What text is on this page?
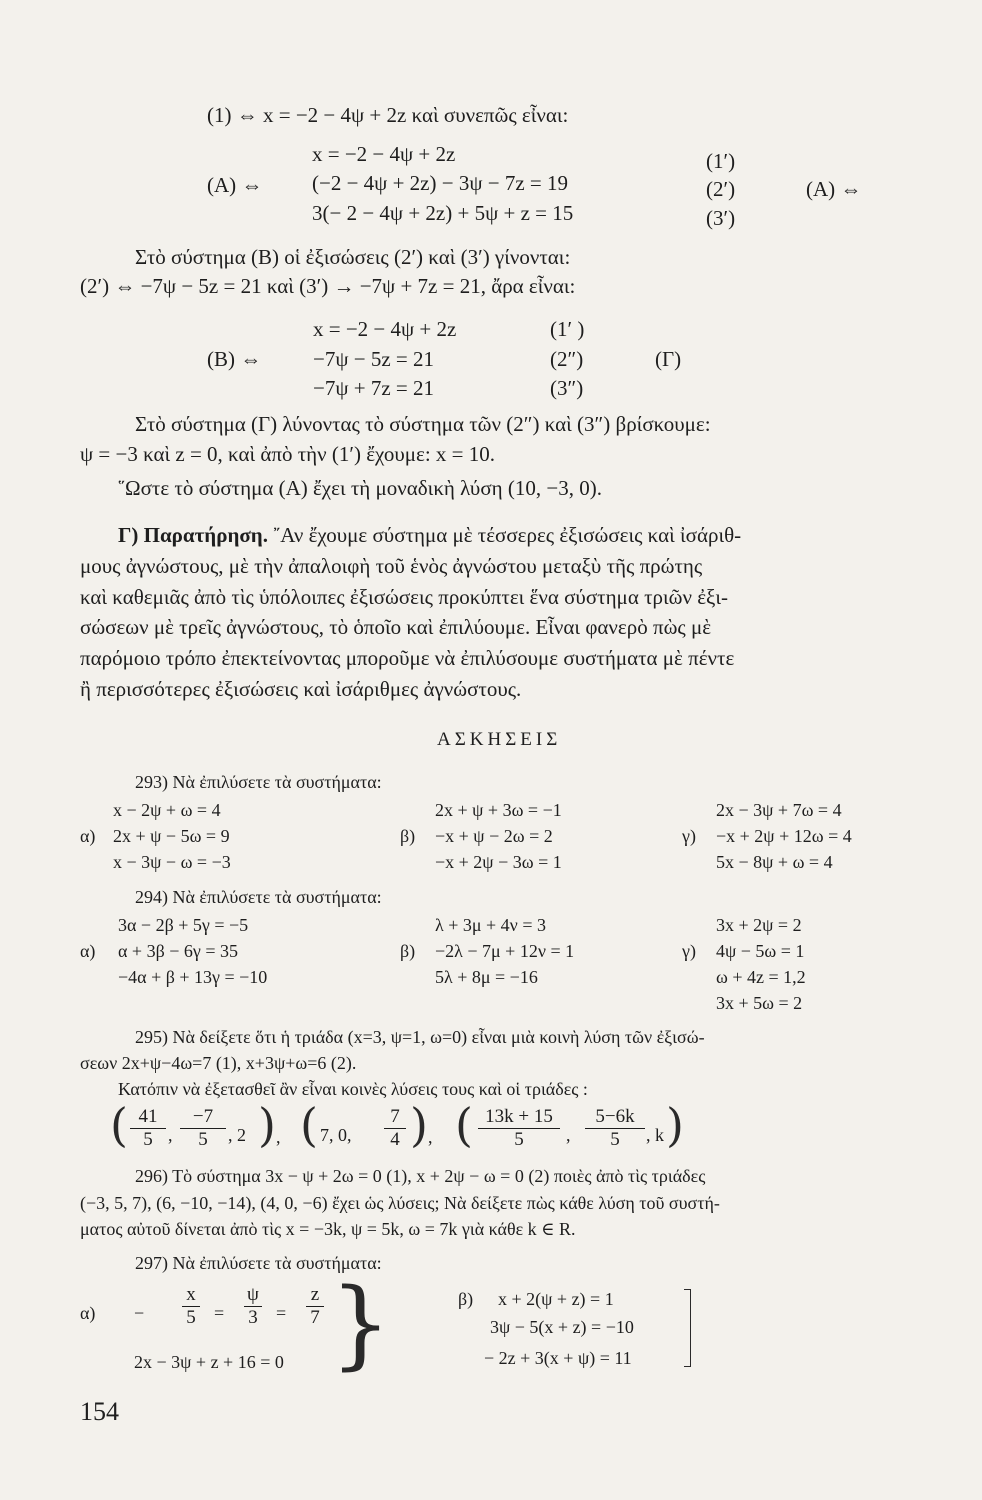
(1) ⇔ x = −2 − 4ψ + 2z καὶ συνεπῶς εἶναι:
x = −2 − 4ψ + 2z	(1′)
(Α) ⇔ (−2 − 4ψ + 2z) − 3ψ − 7z = 19	(2′)	(Α) ⇔
3(− 2 − 4ψ + 2z) + 5ψ + z = 15	(3′)
Στὸ σύστημα (Β) οἱ ἐξισώσεις (2′) καὶ (3′) γίνονται:
(2′) ⇔ −7ψ − 5z = 21 καὶ (3′) → −7ψ + 7z = 21, ἄρα εἶναι:
x = −2 − 4ψ + 2z	(1′ )
(Β) ⇔ −7ψ − 5z = 21	(2″)	(Γ)
−7ψ + 7z = 21	(3″)
Στὸ σύστημα (Γ) λύνοντας τὸ σύστημα τῶν (2″) καὶ (3″) βρίσκουμε:
ψ = −3 καὶ z = 0, καὶ ἀπὸ τὴν (1′) ἔχουμε: x = 10.
῞Ωστε τὸ σύστημα (Α) ἔχει τὴ μοναδικὴ λύση (10, −3, 0).
Γ) Παρατήρηση. ῎Αν ἔχουμε σύστημα μὲ τέσσερες ἐξισώσεις καὶ ἰσάριθ-
μους ἀγνώστους, μὲ τὴν ἀπαλοιφὴ τοῦ ἑνὸς ἀγνώστου μεταξὺ τῆς πρώτης
καὶ καθεμιᾶς ἀπὸ τὶς ὑπόλοιπες ἐξισώσεις προκύπτει ἕνα σύστημα τριῶν ἐξι-
σώσεων μὲ τρεῖς ἀγνώστους, τὸ ὁποῖο καὶ ἐπιλύουμε. Εἶναι φανερὸ πὼς μὲ
παρόμοιο τρόπο ἐπεκτείνοντας μποροῦμε νὰ ἐπιλύσουμε συστήματα μὲ πέντε
ἢ περισσότερες ἐξισώσεις καὶ ἰσάριθμες ἀγνώστους.
ΑΣΚΗΣΕΙΣ
293) Νὰ ἐπιλύσετε τὰ συστήματα:
x − 2ψ + ω = 4
α) 2x + ψ − 5ω = 9
x − 3ψ − ω = −3
2x + ψ + 3ω = −1
β) −x + ψ − 2ω = 2
−x + 2ψ − 3ω = 1
2x − 3ψ + 7ω = 4
γ) −x + 2ψ + 12ω = 4
5x − 8ψ + ω = 4
294) Νὰ ἐπιλύσετε τὰ συστήματα:
3α − 2β + 5γ = −5
α) α + 3β − 6γ = 35
−4α + β + 13γ = −10
λ + 3μ + 4ν = 3
β) −2λ − 7μ + 12ν = 1
5λ + 8μ = −16
3x + 2ψ = 2
γ) 4ψ − 5ω = 1
ω + 4z = 1,2
3x + 5ω = 2
295) Νὰ δείξετε ὅτι ἡ τριάδα (x=3, ψ=1, ω=0) εἶναι μιὰ κοινὴ λύση τῶν ἐξισώ-
σεων 2x+ψ−4ω=7 (1), x+3ψ+ω=6 (2).
Κατόπιν νὰ ἐξετασθεῖ ἂν εἶναι κοινὲς λύσεις τους καὶ οἱ τριάδες :
( 41
5 ,
−7
5	, 2 ) , ( 7, 0,
7
4 ) , ( 13k + 15
5	,
5−6k
5	, k )
296) Τὸ σύστημα 3x − ψ + 2ω = 0 (1), x + 2ψ − ω = 0 (2) ποιὲς ἀπὸ τὶς τριάδες
(−3, 5, 7), (6, −10, −14), (4, 0, −6) ἔχει ὡς λύσεις; Νὰ δείξετε πὼς κάθε λύση τοῦ συστή-
ματος αὐτοῦ δίνεται ἀπὸ τὶς x = −3k, ψ = 5k, ω = 7k γιὰ κάθε k ∈ R.
297) Νὰ ἐπιλύσετε τὰ συστήματα:
α) −
x
5 =
ψ
3 =
z
7
2x − 3ψ + z + 16 = 0 }	β) x + 2(ψ + z) = 1
3ψ − 5(x + z) = −10
− 2z + 3(x + ψ) = 11
154
